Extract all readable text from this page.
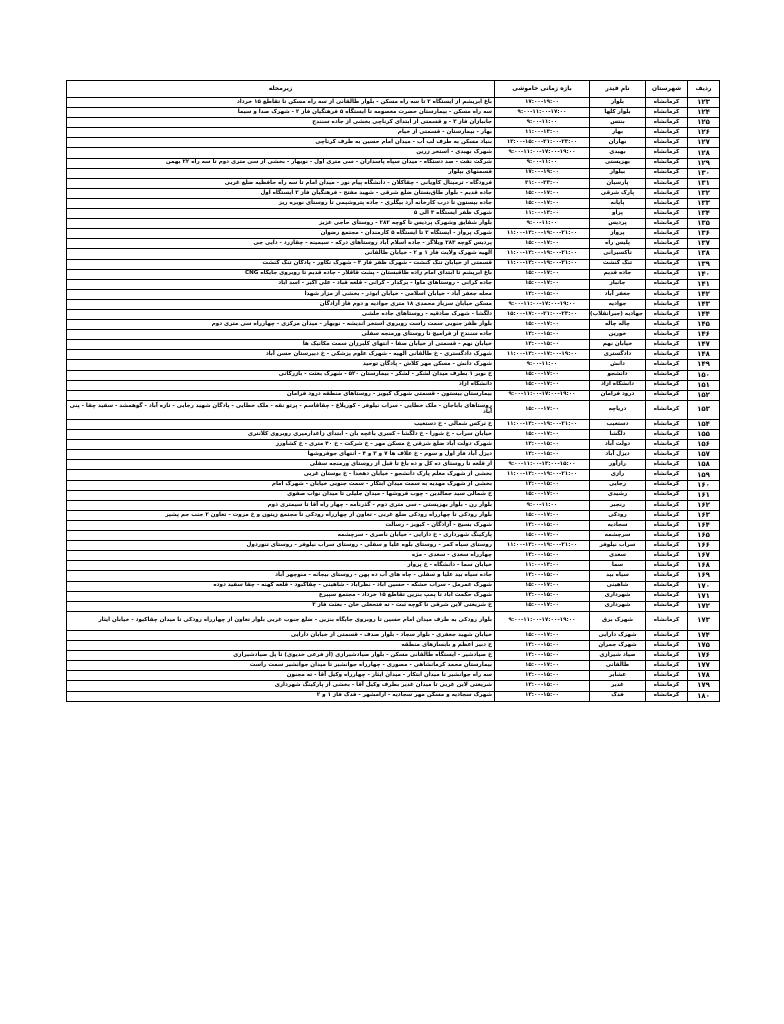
ردیف	شهرستان	نام فیدر	بازه زمانی خاموشی	زیرمحله
۱۲۳	کرمانشاه	بلوار	۱۷:۰۰-۱۹:۰۰	باغ ابریشم از ایستگاه ۲ تا سه راه مسکن - بلوار طالقانی از سه راه مسکن تا تقاطع ۱۵ خرداد
۱۲۴	کرمانشاه	بلوار کلها	۹:۰۰-۱۱:۰۰-۱۷:۰۰	سه راه مسکن - بیمارستان حضرت معصومه تا ایستگاه ۵ فرهنگیان فاز ۲ - شهرک صدا و سیما
۱۲۵	کرمانشاه	بنتس	۹:۰۰-۱۱:۰۰	جانبازان فاز ۳ - و قسمتی از ابتدای کرناچی بخشی از جاده سنندج
۱۲۶	کرمانشاه	بهار	۱۱:۰۰-۱۳:۰۰	بهار - بیمارستان - قسمتی از خیام
۱۲۷	کرمانشاه	بهاران	۱۳:۰۰-۱۵:۰۰-۲۱:۰۰-۲۳:۰۰	بنیاد مسکن به طرف لب آب - میدان امام حسین به طرف کرناچی
۱۲۸	کرمانشاه	بهبدی	۹:۰۰-۱۱:۰۰-۱۷:۰۰-۱۹:۰۰	شهرک بهبدی - استخر زرین
۱۲۹	کرمانشاه	بهزیستی	۹:۰۰-۱۱:۰۰	شرکت نفت - صد دستگاه - میدان سپاه پاسداران - سی متری اول - نوبهار - بخشی از سی متری دوم تا سه راه ۲۲ بهمن
۱۳۰	کرمانشاه	بیلوار	۱۷:۰۰-۱۹:۰۰	قسمتهای بیلوار
۱۳۱	کرمانشاه	پارسیان	۲۱:۰۰-۲۳:۰۰	فرودگاه - ترمینال کاویانی - چقاکلان - دانشگاه پیام نور - میدان امام تا سه راه حافظیه ضلع غربی
۱۳۲	کرمانشاه	پارک شرقی	۱۵:۰۰-۱۷:۰۰	جاده قدیم - بلوار طاق‌بستان ضلع شرقی - شهید مفتح - فرهنگیان فاز ۲ ایستگاه اول
۱۳۳	کرمانشاه	پایانه	۱۵:۰۰-۱۷:۰۰	جاده بیستون تا درب کارخانه آرد بیگلری - جاده پتروشیمی تا روستای نوبره ریز
۱۳۴	کرمانشاه	پراو	۱۱:۰۰-۱۳:۰۰	شهرک ظفر ایستگاه ۳ الی ۵
۱۳۵	کرمانشاه	پردیس	۹:۰۰-۱۱:۰۰	بلوار شقایق وشهرک پردیس تا کوچه ۲۸۲ - روستای حاجی عزیز
۱۳۶	کرمانشاه	پرواز	۱۱:۰۰-۱۳:۰۰-۱۹:۰۰-۲۱:۰۰	شهرک پرواز - ایستگاه ۲ تا ایستگاه ۵ کارمندان - مجتمع رضوان
۱۳۷	کرمانشاه	پلیس راه	۱۵:۰۰-۱۷:۰۰	پردیس کوچه ۲۸۳ ویلاگر - جاده اسلام آباد روستاهای درکه - سیمینه - چقازرد - دایی جی
۱۳۸	کرمانشاه	تاکسیرانی	۱۱:۰۰-۱۳:۰۰-۱۹:۰۰-۲۱:۰۰	الهیه شهرک ولایت فاز ۱ و ۲ - خیابان طالقانی
۱۳۹	کرمانشاه	تنگ کنشت	۱۱:۰۰-۱۳:۰۰-۱۹:۰۰-۲۱:۰۰	قسمتی از خیابان تنگ کنشت - شهرک ظفر فاز ۳ - شهرک نکاور - پادگان تنگ کنشت
۱۴۰	کرمانشاه	جاده قدیم	۱۵:۰۰-۱۷:۰۰	باغ ابریشم تا ابتدای امام زاده طاقبستان - پشت قاقلار - جاده قدیم تا روبروی جایگاه CNG
۱۴۱	کرمانشاه	جانباز	۱۵:۰۰-۱۷:۰۰	جاده کرانی - روستاهای ماوا - برکدار - کرانی - قلعه قباد - علی اکبر - اسد آباد
۱۴۲	کرمانشاه	جعفر آباد	۱۳:۰۰-۱۵:۰۰	محله جعفر آباد - خیابان اسلامی - خیابان ابوذر - بخشی از مزار شهدا
۱۴۳	کرمانشاه	جوادیه	۹:۰۰-۱۱:۰۰-۱۷:۰۰-۱۹:۰۰	مسکن خیابان سرباز محمدی ۱۸ متری جوادیه و دوم فاز آزادگان
۱۴۴	کرمانشاه	جهادیه (جبرانقلاب)	۱۵:۰۰-۱۷:۰۰-۲۱:۰۰-۲۳:۰۰	دلگشا - شهرک صادقیه - روستاهای جاده حلشی
۱۴۵	کرمانشاه	چاله چاله	۱۵:۰۰-۱۷:۰۰	بلوار ظفر جنوبی سمت راست روبروی استخر اندیشه - نوبهار - میدان مرکزی - چهارراه سی متری دوم
۱۴۶	کرمانشاه	خورین	۱۳:۰۰-۱۵:۰۰	جاده سنندج از فرامیچ تا روستای ورمنجه سفلی
۱۴۷	کرمانشاه	خیابان نهم	۱۳:۰۰-۱۵:۰۰	خیابان نهم - قسمتی از خیابان صفا - انتهای کلبرزان سمت مکانیک ها
۱۴۸	کرمانشاه	دادگستری	۱۱:۰۰-۱۳:۰۰-۱۷:۰۰-۱۹:۰۰	شهرک دادگستری - خ طالقانی الهیه - شهرک علوم پزشکی - خ دبیرستان حسن آباد
۱۴۹	کرمانشاه	دانش	۹:۰۰-۱۱:۰۰	شهرک دانش - مسکن مهر کلاش - پادگان توحید
۱۵۰	کرمانشاه	دانشجو	۱۵:۰۰-۱۷:۰۰	خ نوبر ۱ بطرف میدان لشکر - لشکر - بیمارستان ۵۲۰ - شهرک بعثت - بازرگانی
۱۵۱	کرمانشاه	دانشگاه آزاد	۱۵:۰۰-۱۷:۰۰	دانشگاه آزاد
۱۵۲	کرمانشاه	درود فرامان	۹:۰۰-۱۱:۰۰-۱۷:۰۰-۱۹:۰۰	بیمارستان بیستون - قسمتی شهرک کیویز - روستاهای منطقه درود فرامان
۱۵۳	کرمانشاه	دریاچه	۱۵:۰۰-۱۷:۰۰	روستاهای باباجان - ملک خطایی - سراب نیلوفر - کوریلاغ - چقاقاسم - پرتو نقه - ملک خطایی - پادگان شهید رجایی - تازه آباد - گوهمشد - سفید چقا - پنی آباد
۱۵۴	کرمانشاه	دستغیب	۱۱:۰۰-۱۳:۰۰-۱۹:۰۰-۲۱:۰۰	خ ترکس شمالی - خ دستغیب
۱۵۵	کرمانشاه	دلگشا	۱۵:۰۰-۱۷:۰۰	خیابان سراب - خ شورا - خ دلگشا - کسری باغچه بان - ابتدای زاغدارمیری روبروی کلانتری
۱۵۶	کرمانشاه	دولت آباد	۱۳:۰۰-۱۵:۰۰	شهرک دولت آباد ضلع شرقی خ مسکن مهر - خ شرکت - خ ۴۰ متری - خ کشاورز
۱۵۷	کرمانشاه	دیزل آباد	۱۳:۰۰-۱۵:۰۰	دیزل آباد فاز اول و سوم - خ علاف ها ۷ و ۳ و ۴ - انتهای جوفروشها
۱۵۸	کرمانشاه	رازآور	۹:۰۰-۱۱:۰۰-۱۳:۰۰-۱۵:۰۰	از قلعه تا روستای ده کل و ده باغ تا قبل از روستای ورمنجه سفلی
۱۵۹	کرمانشاه	رازی	۱۱:۰۰-۱۳:۰۰-۱۹:۰۰-۲۱:۰۰	بخشی از شهرک معلم پارک دانشجو - خیابان دهخدا - خ بوستان غربی
۱۶۰	کرمانشاه	رجایی	۱۳:۰۰-۱۵:۰۰	بخشی از شهرک مهدیه به سمت میدان ابتکار - سمت جنوبی خیابان - شهرک امام
۱۶۱	کرمانشاه	رشیدی	۱۵:۰۰-۱۷:۰۰	خ شمالی سید جمالدین - چوب فروشها - میدان جلیلی تا میدان نواب صفوی
۱۶۲	کرمانشاه	رنجبر	۹:۰۰-۱۱:۰۰	بلوار رن - بلوار بهزیستی - سی متری دوم - گذرنامه - چهار راه آقا تا سیمتری دوم
۱۶۳	کرمانشاه	رودکی	۱۵:۰۰-۱۷:۰۰	بلوار رودکی تا چهارراه رودکی ضلع غربی - تعاون از چهارراه رودکی تا مجتمع زیتون و خ مروت - تعاون ۲ جنب جم پشیر
۱۶۴	کرمانشاه	سجادیه	۱۳:۰۰-۱۵:۰۰	شهرک بسیج - آزادگان - کیویز - رسالت
۱۶۵	کرمانشاه	سرچشمه	۱۵:۰۰-۱۷:۰۰	پارکینگ شهرداری - خ دارایی - خیابان ناصری - سرچشمه
۱۶۶	کرمانشاه	سراب نیلوفر	۱۱:۰۰-۱۳:۰۰-۱۹:۰۰-۲۱:۰۰	روستای سیاه کمر - روستای بلوه علیا و سفلی - روستای سراب نیلوفر - روستای تنوردول
۱۶۷	کرمانشاه	سعدی	۱۳:۰۰-۱۵:۰۰	چهارراه سعدی - سعدی - مژه
۱۶۸	کرمانشاه	سما	۱۱:۰۰-۱۳:۰۰	خیابان سما - دانشگاه - خ پرواز
۱۶۹	کرمانشاه	سیاه بید	۱۳:۰۰-۱۵:۰۰	جاده سیاه بید علیا و سفلی - چاه های آب ده پهن - روستای بیجانه - منوچهر آباد
۱۷۰	کرمانشاه	شاهینی	۱۵:۰۰-۱۷:۰۰	شهرک عمرمل - سراب خشکه - حسین آباد - نظرآباد - شاهینی - چقاکبود - قلعه کهنه - چقا سفید دوده
۱۷۱	کرمانشاه	شهرداری	۱۳:۰۰-۱۵:۰۰	شهرک حکمت آباد تا پمپ بنزین تقاطع ۱۵ خرداد - مجتمع سپیرع
۱۷۲	کرمانشاه	شهرداری	۱۵:۰۰-۱۷:۰۰	خ شریعتی لاین شرقی تا کوچه ثبت - ته فتحعلی خان - بعثت فاز ۲
۱۷۳	کرمانشاه	شهرک برق	۹:۰۰-۱۱:۰۰-۱۷:۰۰-۱۹:۰۰	بلوار رودکی به طرف میدان امام حسین تا روبروی جایگاه بنزین - ضلع جنوب غربی بلوار تعاون از چهارراه رودکی تا میدان چقاکبود - خیابان ایثار
۱۷۴	کرمانشاه	شهرک دارایی	۱۵:۰۰-۱۷:۰۰	خیابان شهید جعفری - بلوار سجاد - بلوار صدف - قسمتی از خیابان دارایی
۱۷۵	کرمانشاه	شهرک جمران	۱۳:۰۰-۱۵:۰۰	خ دبیر اعظم و بابسازهای منطقه
۱۷۶	کرمانشاه	صیاد شیرازی	۱۳:۰۰-۱۵:۰۰	خ صیادشیر - ایستگاه طالقانی مسکن - بلوار صیادشیرازی (از فرعی خدیوی) تا پل صیادشیرازی
۱۷۷	کرمانشاه	طالقانی	۱۵:۰۰-۱۷:۰۰	بیمارستان محمد کرمانشاهی - مصوری - چهارراه جوانشیر تا میدان جوانشیر سمت راست
۱۷۸	کرمانشاه	عشایر	۱۳:۰۰-۱۵:۰۰	سه راه جوانشیر تا میدان ابتکار - میدان ایثار - چهارراه وکیل آقا - ته مجنون
۱۷۹	کرمانشاه	غدیر	۱۳:۰۰-۱۵:۰۰	شریعتی لاین غربی تا میدان غدیر بطرف وکیل آقا - بخشی از پارکینگ شهرداری
۱۸۰	کرمانشاه	فدک	۱۳:۰۰-۱۵:۰۰	شهرک سجادیه و مسکن مهر سجادیه - آرامشهر - فدک فاز ۱ و ۲
